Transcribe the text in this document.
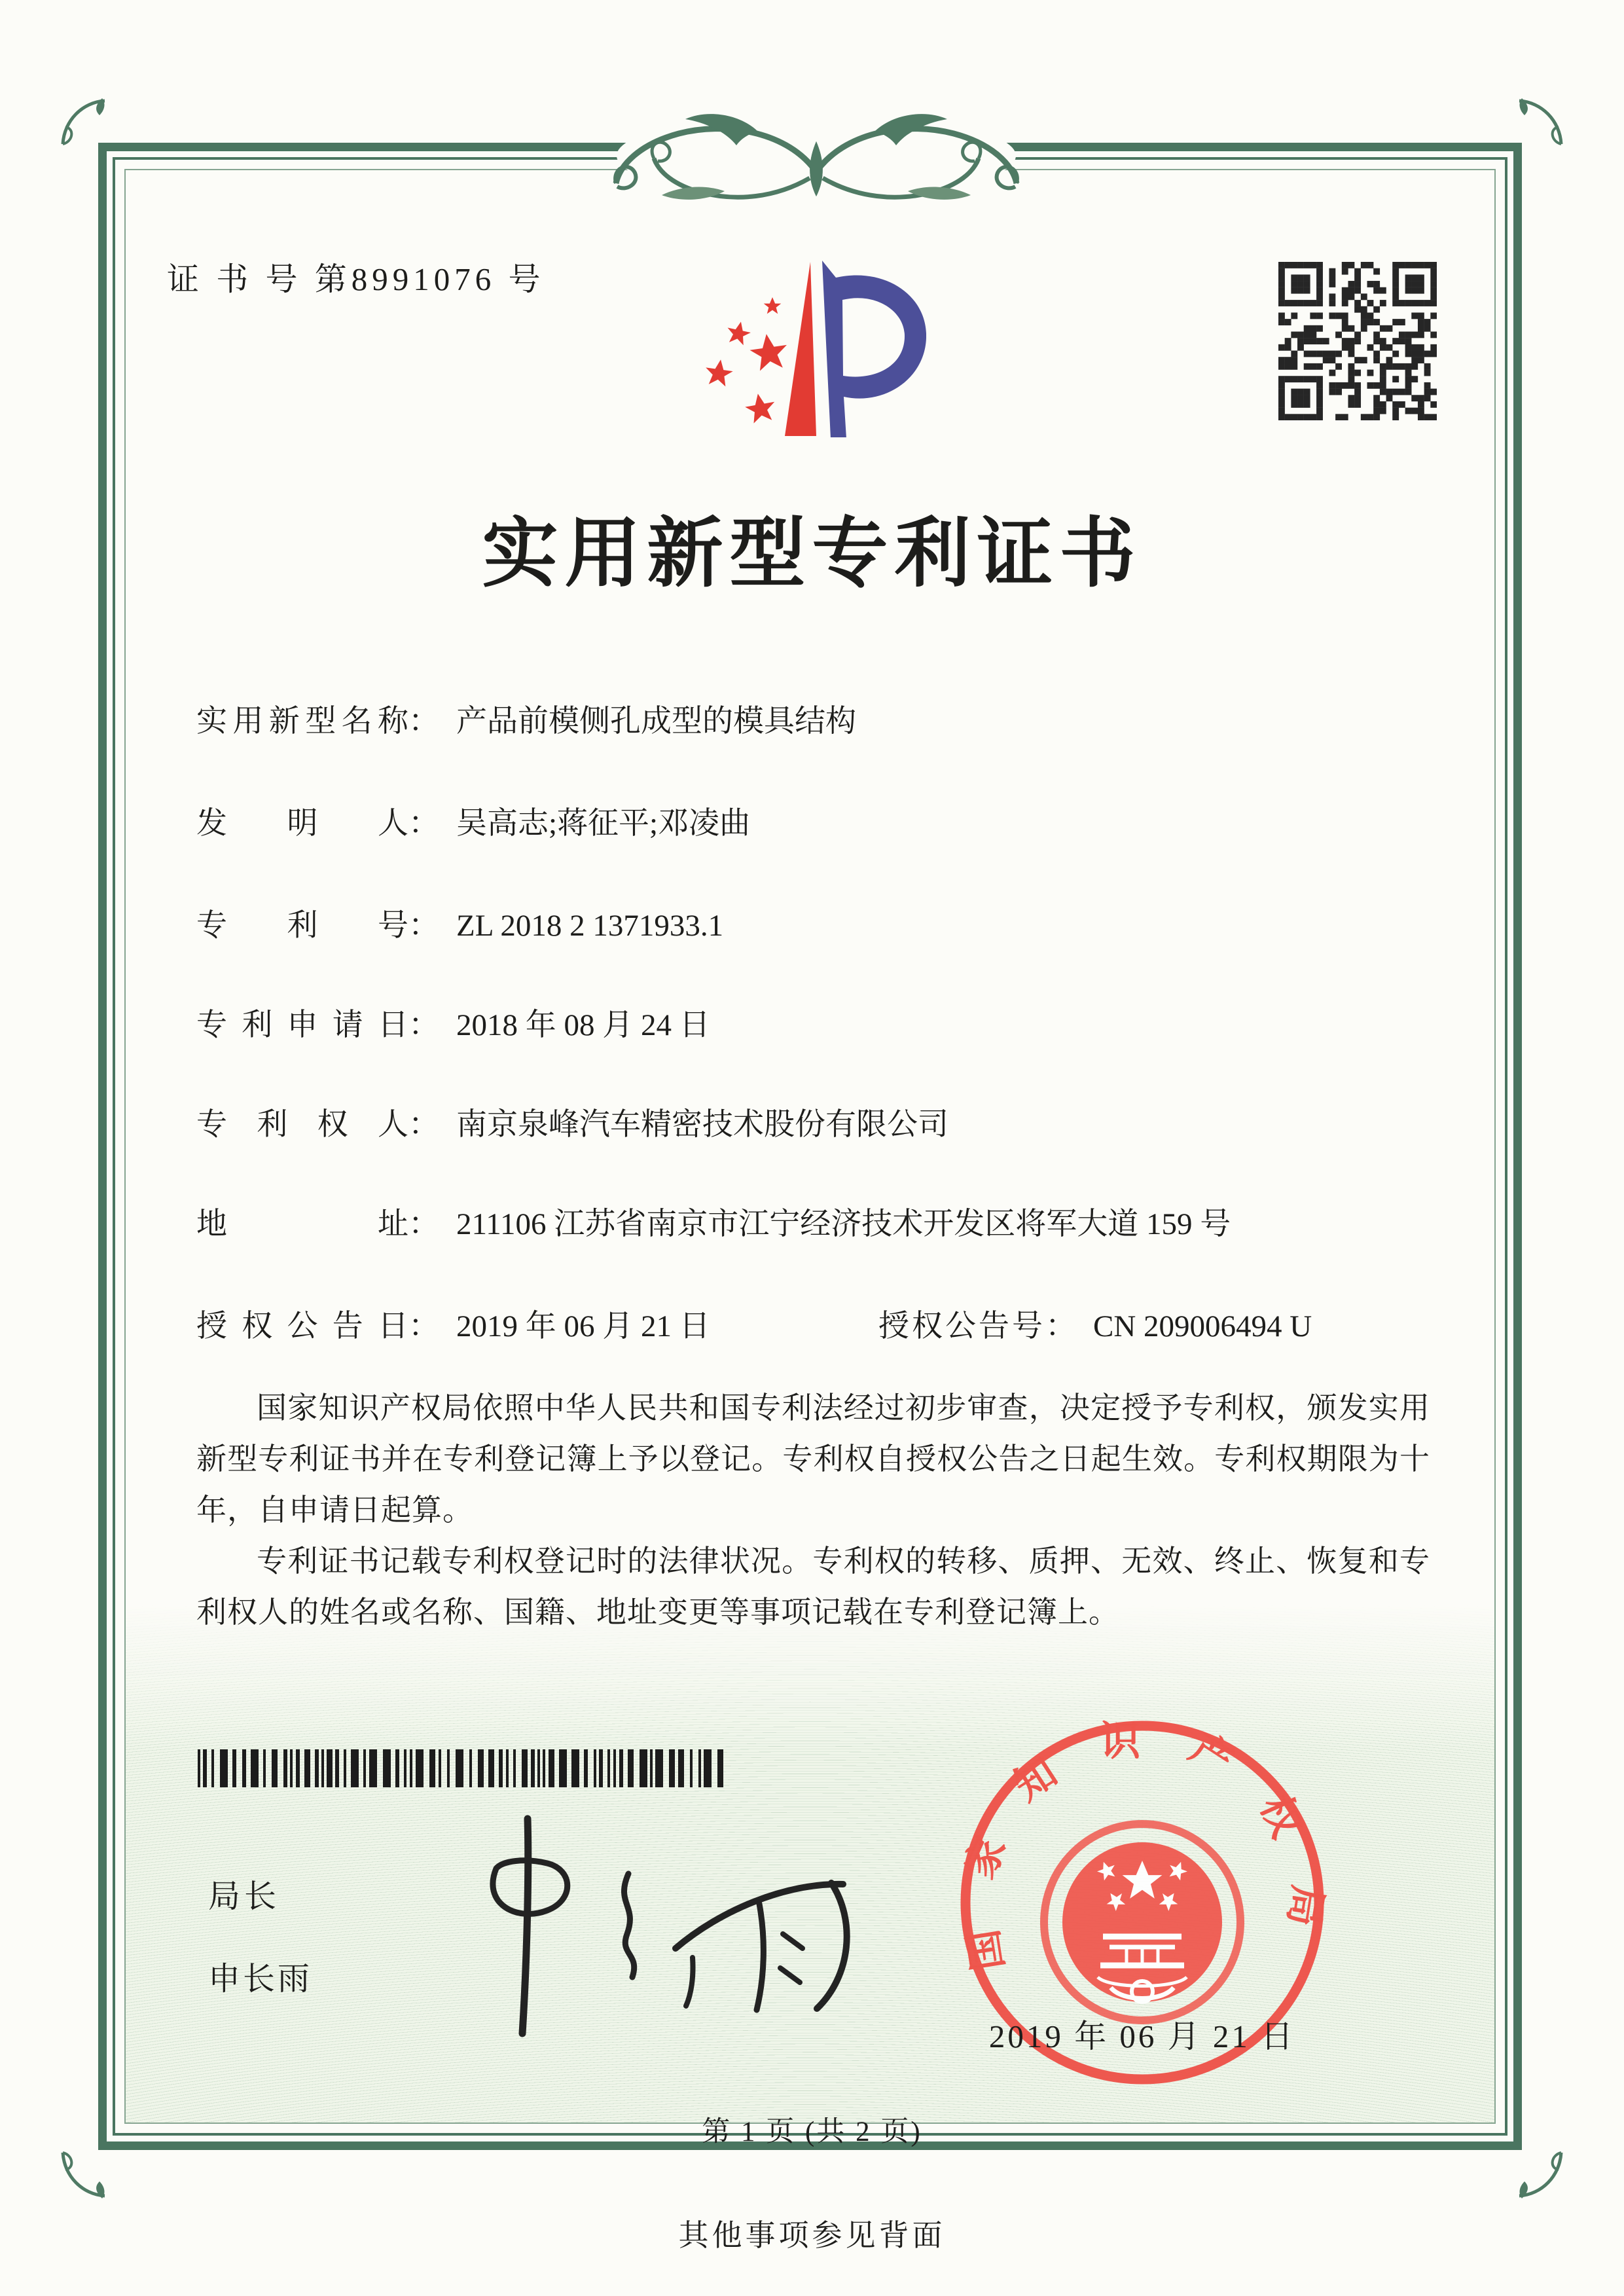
证 书 号 第8991076 号
实用新型专利证书
实用新型名称： 产品前模侧孔成型的模具结构
发明人： 吴高志;蒋征平;邓凌曲
专利号： ZL 2018 2 1371933.1
专利申请日： 2018 年 08 月 24 日
专利权人： 南京泉峰汽车精密技术股份有限公司
地址： 211106 江苏省南京市江宁经济技术开发区将军大道 159 号
授权公告日： 2019 年 06 月 21 日	授权公告号： CN 209006494 U

国家知识产权局依照中华人民共和国专利法经过初步审查，决定授予专利权，颁发实用新型专利证书并在专利登记簿上予以登记。专利权自授权公告之日起生效。专利权期限为十年，自申请日起算。

专利证书记载专利权登记时的法律状况。专利权的转移、质押、无效、终止、恢复和专利权人的姓名或名称、国籍、地址变更等事项记载在专利登记簿上。

局长
申长雨
国家知识产权局
2019 年 06 月 21 日
第 1 页 (共 2 页)
其他事项参见背面
